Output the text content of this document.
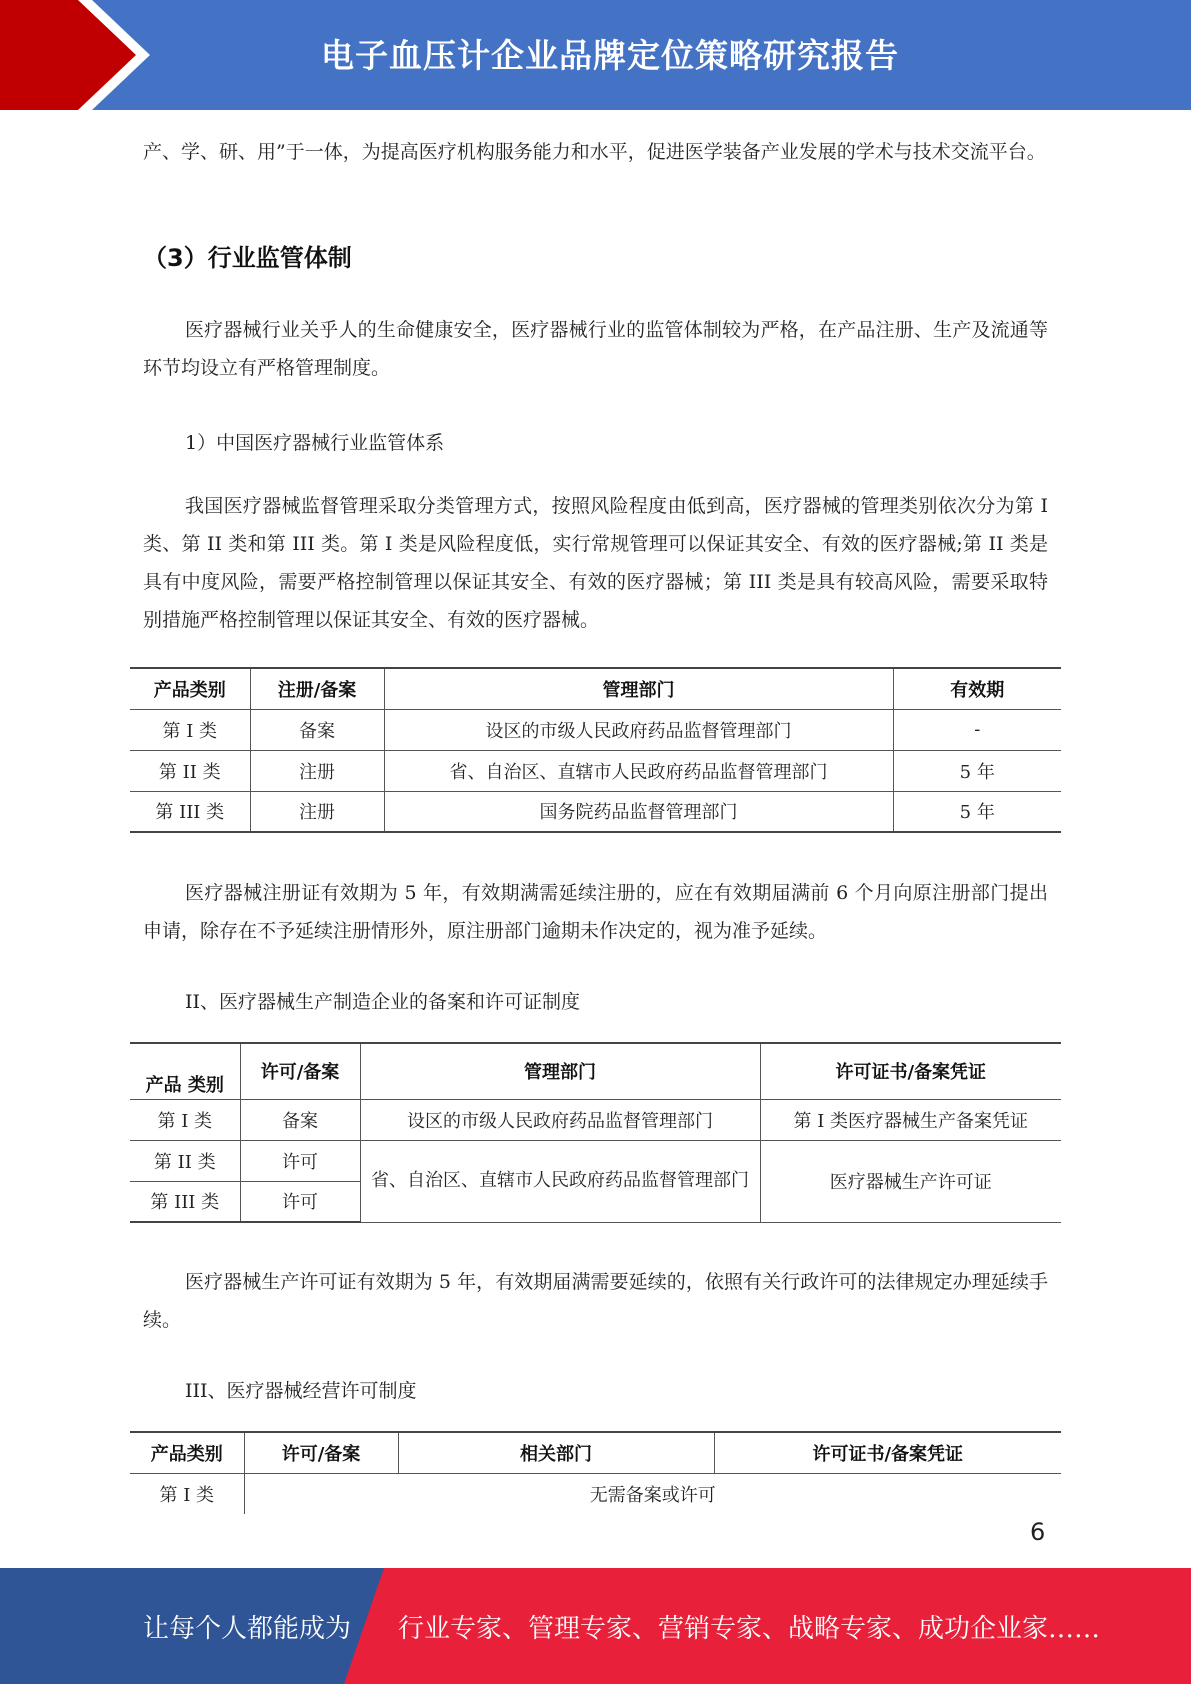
电子血压计企业品牌定位策略研究报告
产、学、研、用”于一体，为提高医疗机构服务能力和水平，促进医学装备产业发展的学术与技术交流平台。
（3）行业监管体制
医疗器械行业关乎人的生命健康安全，医疗器械行业的监管体制较为严格，在产品注册、生产及流通等环节均设立有严格管理制度。
1）中国医疗器械行业监管体系
我国医疗器械监督管理采取分类管理方式，按照风险程度由低到高，医疗器械的管理类别依次分为第 I 类、第 II 类和第 III 类。第 I 类是风险程度低，实行常规管理可以保证其安全、有效的医疗器械;第 II 类是具有中度风险，需要严格控制管理以保证其安全、有效的医疗器械；第 III 类是具有较高风险，需要采取特别措施严格控制管理以保证其安全、有效的医疗器械。
产品类别	注册/备案	管理部门	有效期
第 I 类	备案	设区的市级人民政府药品监督管理部门	-
第 II 类	注册	省、自治区、直辖市人民政府药品监督管理部门	5 年
第 III 类	注册	国务院药品监督管理部门	5 年
医疗器械注册证有效期为 5 年，有效期满需延续注册的，应在有效期届满前 6 个月向原注册部门提出申请，除存在不予延续注册情形外，原注册部门逾期未作决定的，视为准予延续。
II、医疗器械生产制造企业的备案和许可证制度
产品 类别	许可/备案	管理部门	许可证书/备案凭证
第 I 类	备案	设区的市级人民政府药品监督管理部门	第 I 类医疗器械生产备案凭证
第 II 类	许可	省、自治区、直辖市人民政府药品监督管理部门	医疗器械生产许可证
第 III 类	许可		
医疗器械生产许可证有效期为 5 年，有效期届满需要延续的，依照有关行政许可的法律规定办理延续手续。
III、医疗器械经营许可制度
产品类别	许可/备案	相关部门	许可证书/备案凭证
第 I 类	无需备案或许可		
6
让每个人都能成为 行业专家、管理专家、营销专家、战略专家、成功企业家……
